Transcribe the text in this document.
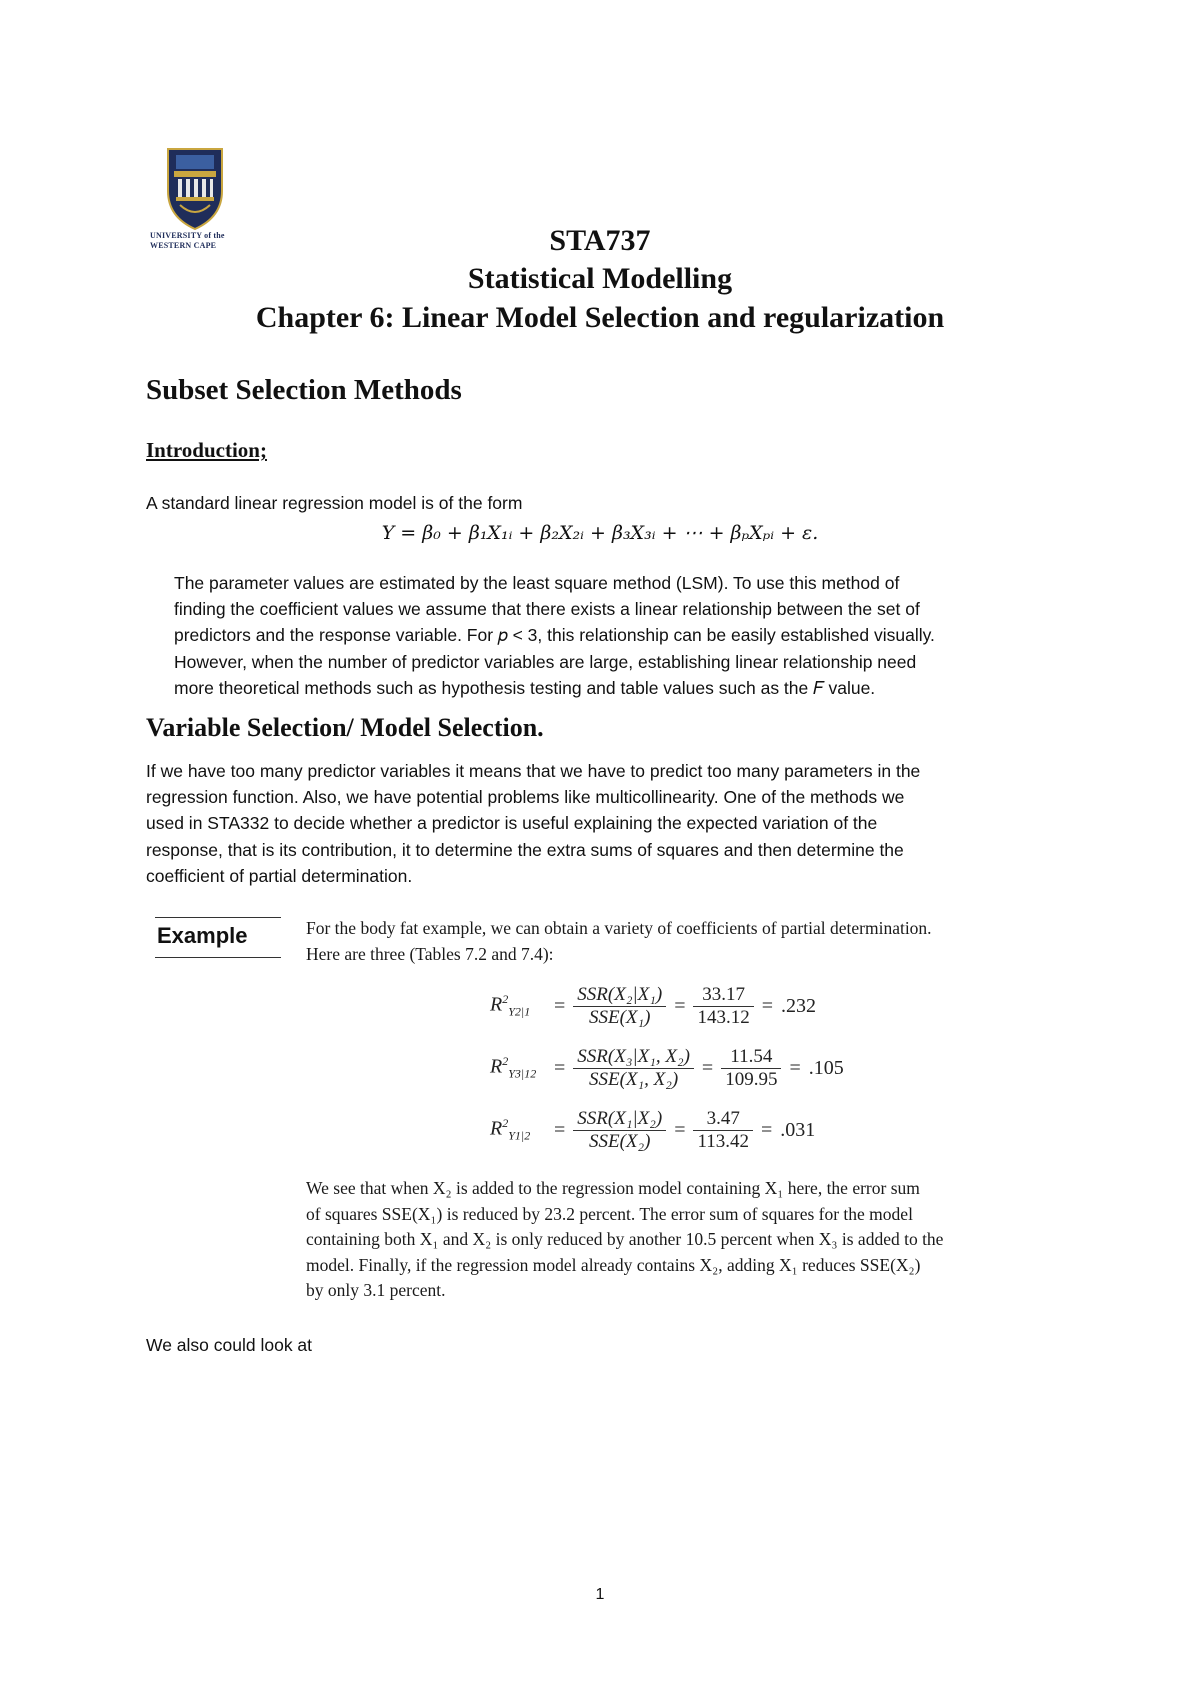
UNIVERSITY of the
WESTERN CAPE	STA737
Statistical Modelling
Chapter 6: Linear Model Selection and regularization
Subset Selection Methods
Introduction;
A standard linear regression model is of the form
Y = β₀ + β₁X₁ᵢ + β₂X₂ᵢ + β₃X₃ᵢ + ⋯ + βₚXₚᵢ + ε.
The parameter values are estimated by the least square method (LSM). To use this method of
finding the coefficient values we assume that there exists a linear relationship between the set of
predictors and the response variable. For 𝑝 < 3, this relationship can be easily established visually.
However, when the number of predictor variables are large, establishing linear relationship need
more theoretical methods such as hypothesis testing and table values such as the 𝐹 value.
Variable Selection/ Model Selection.
If we have too many predictor variables it means that we have to predict too many parameters in the
regression function. Also, we have potential problems like multicollinearity. One of the methods we
used in STA332 to decide whether a predictor is useful explaining the expected variation of the
response, that is its contribution, it to determine the extra sums of squares and then determine the
coefficient of partial determination.
Example	For the body fat example, we can obtain a variety of coefficients of partial determination.
Here are three (Tables 7.2 and 7.4):
$R^2_{Y2|1}$	= $\frac{\text{SSR(X₂|X₁)}}{\text{SSE(X₁)}} = \frac{33.17}{143.12} = .232$
$R^2_{Y3|12} = \frac{\text{SSR(X₃|X₁, X₂)}}{\text{SSE(X₁, X₂)}} = \frac{11.54}{109.95} = .105$
$R^2_{Y1|2}$	= $\frac{\text{SSR(X₁|X₂)}}{\text{SSE(X₂)}} = \frac{3.47}{113.42} = .031$
We see that when X₂ is added to the regression model containing X₁ here, the error sum
of squares SSE(X₁) is reduced by 23.2 percent. The error sum of squares for the model
containing both X₁ and X₂ is only reduced by another 10.5 percent when X₃ is added to the
model. Finally, if the regression model already contains X₂, adding X₁ reduces SSE(X₂)
by only 3.1 percent.
We also could look at
1
